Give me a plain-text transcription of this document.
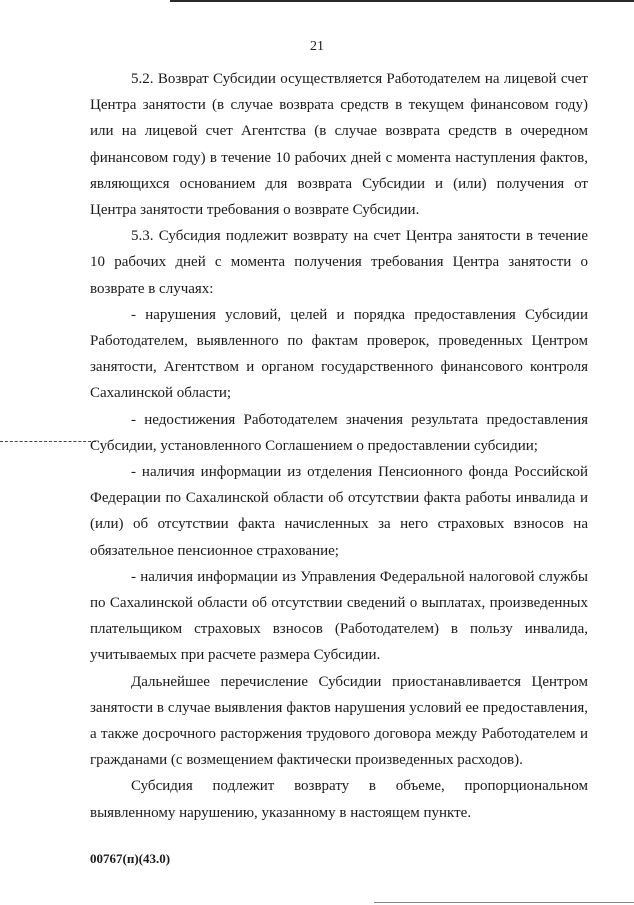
21

5.2. Возврат Субсидии осуществляется Работодателем на лицевой счет Центра занятости (в случае возврата средств в текущем финансовом году) или на лицевой счет Агентства (в случае возврата средств в очередном финансовом году) в течение 10 рабочих дней с момента наступления фактов, являющихся основанием для возврата Субсидии и (или) получения от Центра занятости требования о возврате Субсидии.

5.3. Субсидия подлежит возврату на счет Центра занятости в течение 10 рабочих дней с момента получения требования Центра занятости о возврате в случаях:

- нарушения условий, целей и порядка предоставления Субсидии Работодателем, выявленного по фактам проверок, проведенных Центром занятости, Агентством и органом государственного финансового контроля Сахалинской области;

- недостижения Работодателем значения результата предоставления Субсидии, установленного Соглашением о предоставлении субсидии;

- наличия информации из отделения Пенсионного фонда Российской Федерации по Сахалинской области об отсутствии факта работы инвалида и (или) об отсутствии факта начисленных за него страховых взносов на обязательное пенсионное страхование;

- наличия информации из Управления Федеральной налоговой службы по Сахалинской области об отсутствии сведений о выплатах, произведенных плательщиком страховых взносов (Работодателем) в пользу инвалида, учитываемых при расчете размера Субсидии.

Дальнейшее перечисление Субсидии приостанавливается Центром занятости в случае выявления фактов нарушения условий ее предоставления, а также досрочного расторжения трудового договора между Работодателем и гражданами (с возмещением фактически произведенных расходов).

Субсидия подлежит возврату в объеме, пропорциональном выявленному нарушению, указанному в настоящем пункте.

00767(п)(43.0)
